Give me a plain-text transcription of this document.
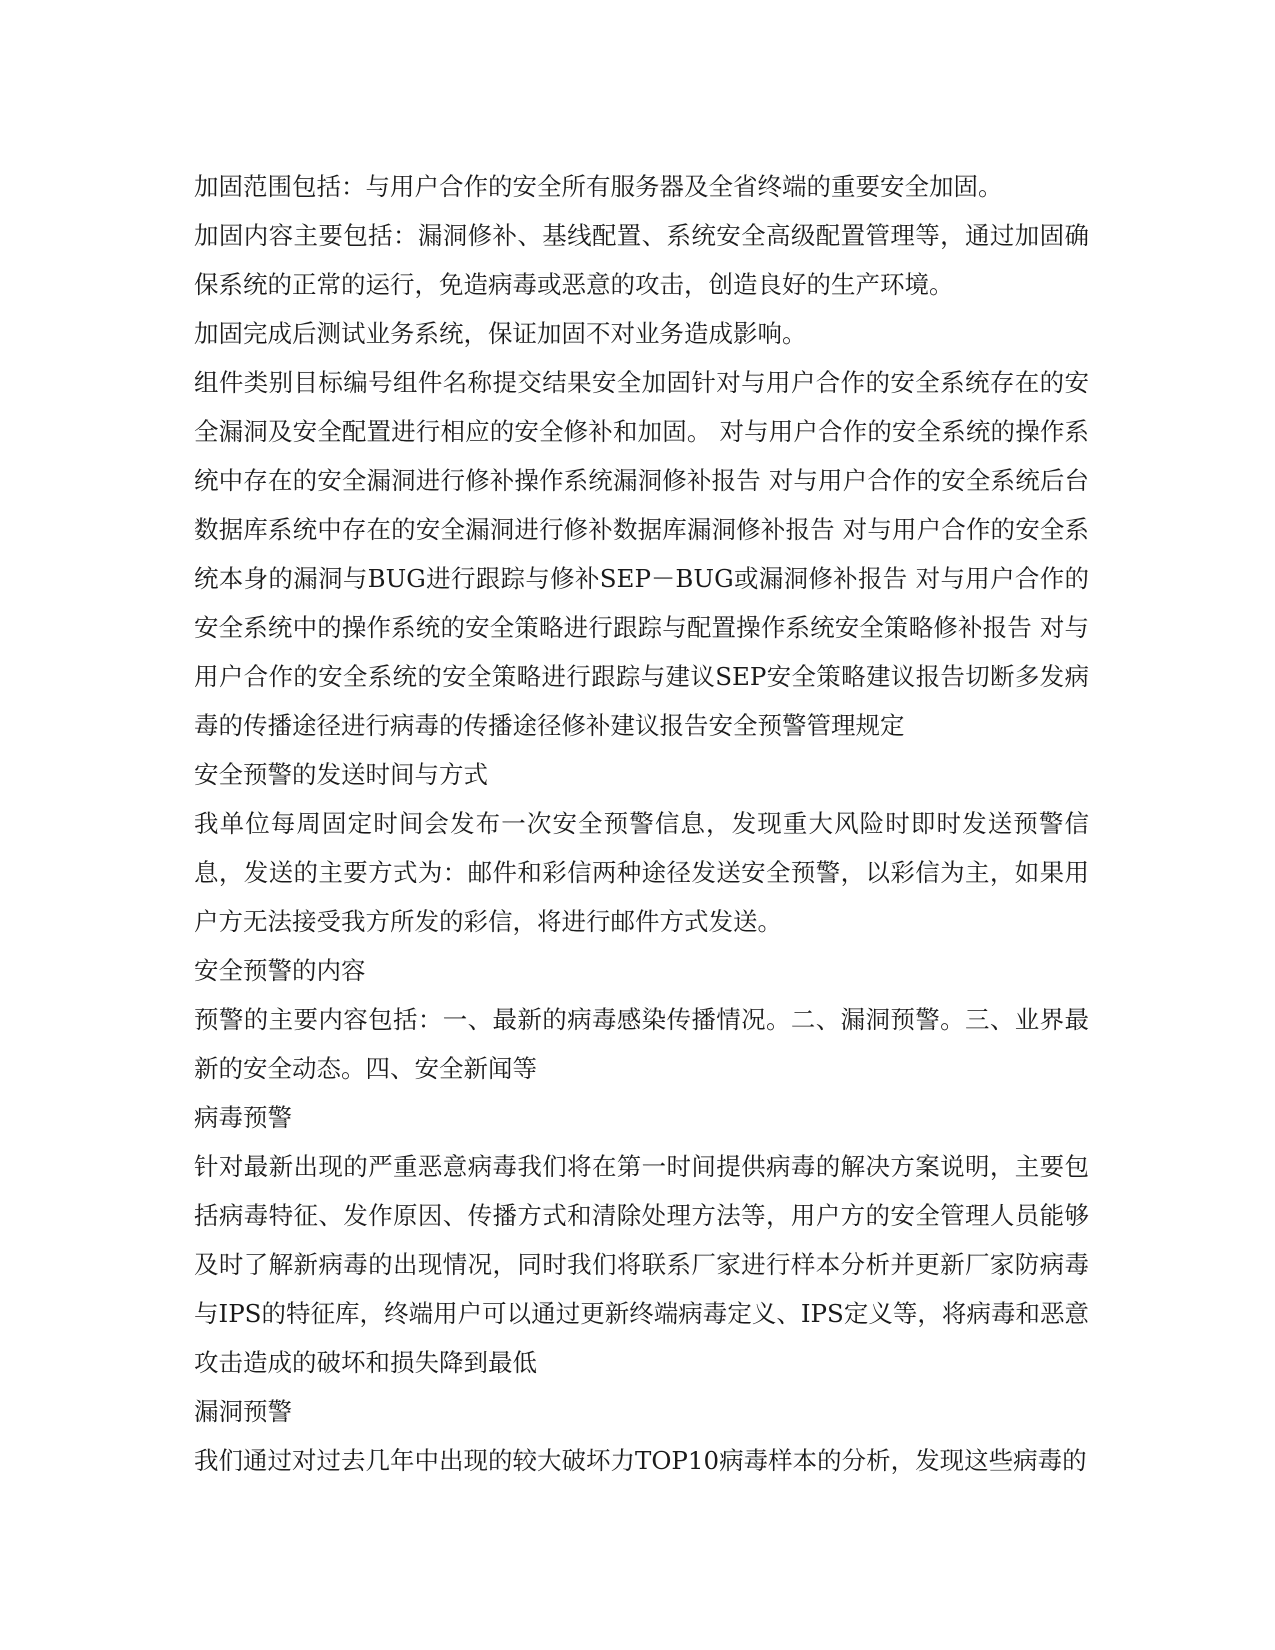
加固范围包括：与用户合作的安全所有服务器及全省终端的重要安全加固。

加固内容主要包括：漏洞修补、基线配置、系统安全高级配置管理等，通过加固确保系统的正常的运行，免造病毒或恶意的攻击，创造良好的生产环境。

加固完成后测试业务系统，保证加固不对业务造成影响。

组件类别目标编号组件名称提交结果安全加固针对与用户合作的安全系统存在的安全漏洞及安全配置进行相应的安全修补和加固。 对与用户合作的安全系统的操作系统中存在的安全漏洞进行修补操作系统漏洞修补报告 对与用户合作的安全系统后台数据库系统中存在的安全漏洞进行修补数据库漏洞修补报告 对与用户合作的安全系统本身的漏洞与BUG进行跟踪与修补SEP－BUG或漏洞修补报告 对与用户合作的安全系统中的操作系统的安全策略进行跟踪与配置操作系统安全策略修补报告 对与用户合作的安全系统的安全策略进行跟踪与建议SEP安全策略建议报告切断多发病毒的传播途径进行病毒的传播途径修补建议报告安全预警管理规定

安全预警的发送时间与方式

我单位每周固定时间会发布一次安全预警信息，发现重大风险时即时发送预警信息，发送的主要方式为：邮件和彩信两种途径发送安全预警，以彩信为主，如果用户方无法接受我方所发的彩信，将进行邮件方式发送。

安全预警的内容

预警的主要内容包括：一、最新的病毒感染传播情况。二、漏洞预警。三、业界最新的安全动态。四、安全新闻等

病毒预警

针对最新出现的严重恶意病毒我们将在第一时间提供病毒的解决方案说明，主要包括病毒特征、发作原因、传播方式和清除处理方法等，用户方的安全管理人员能够及时了解新病毒的出现情况，同时我们将联系厂家进行样本分析并更新厂家防病毒与IPS的特征库，终端用户可以通过更新终端病毒定义、IPS定义等，将病毒和恶意攻击造成的破坏和损失降到最低

漏洞预警

我们通过对过去几年中出现的较大破坏力TOP10病毒样本的分析，发现这些病毒的
